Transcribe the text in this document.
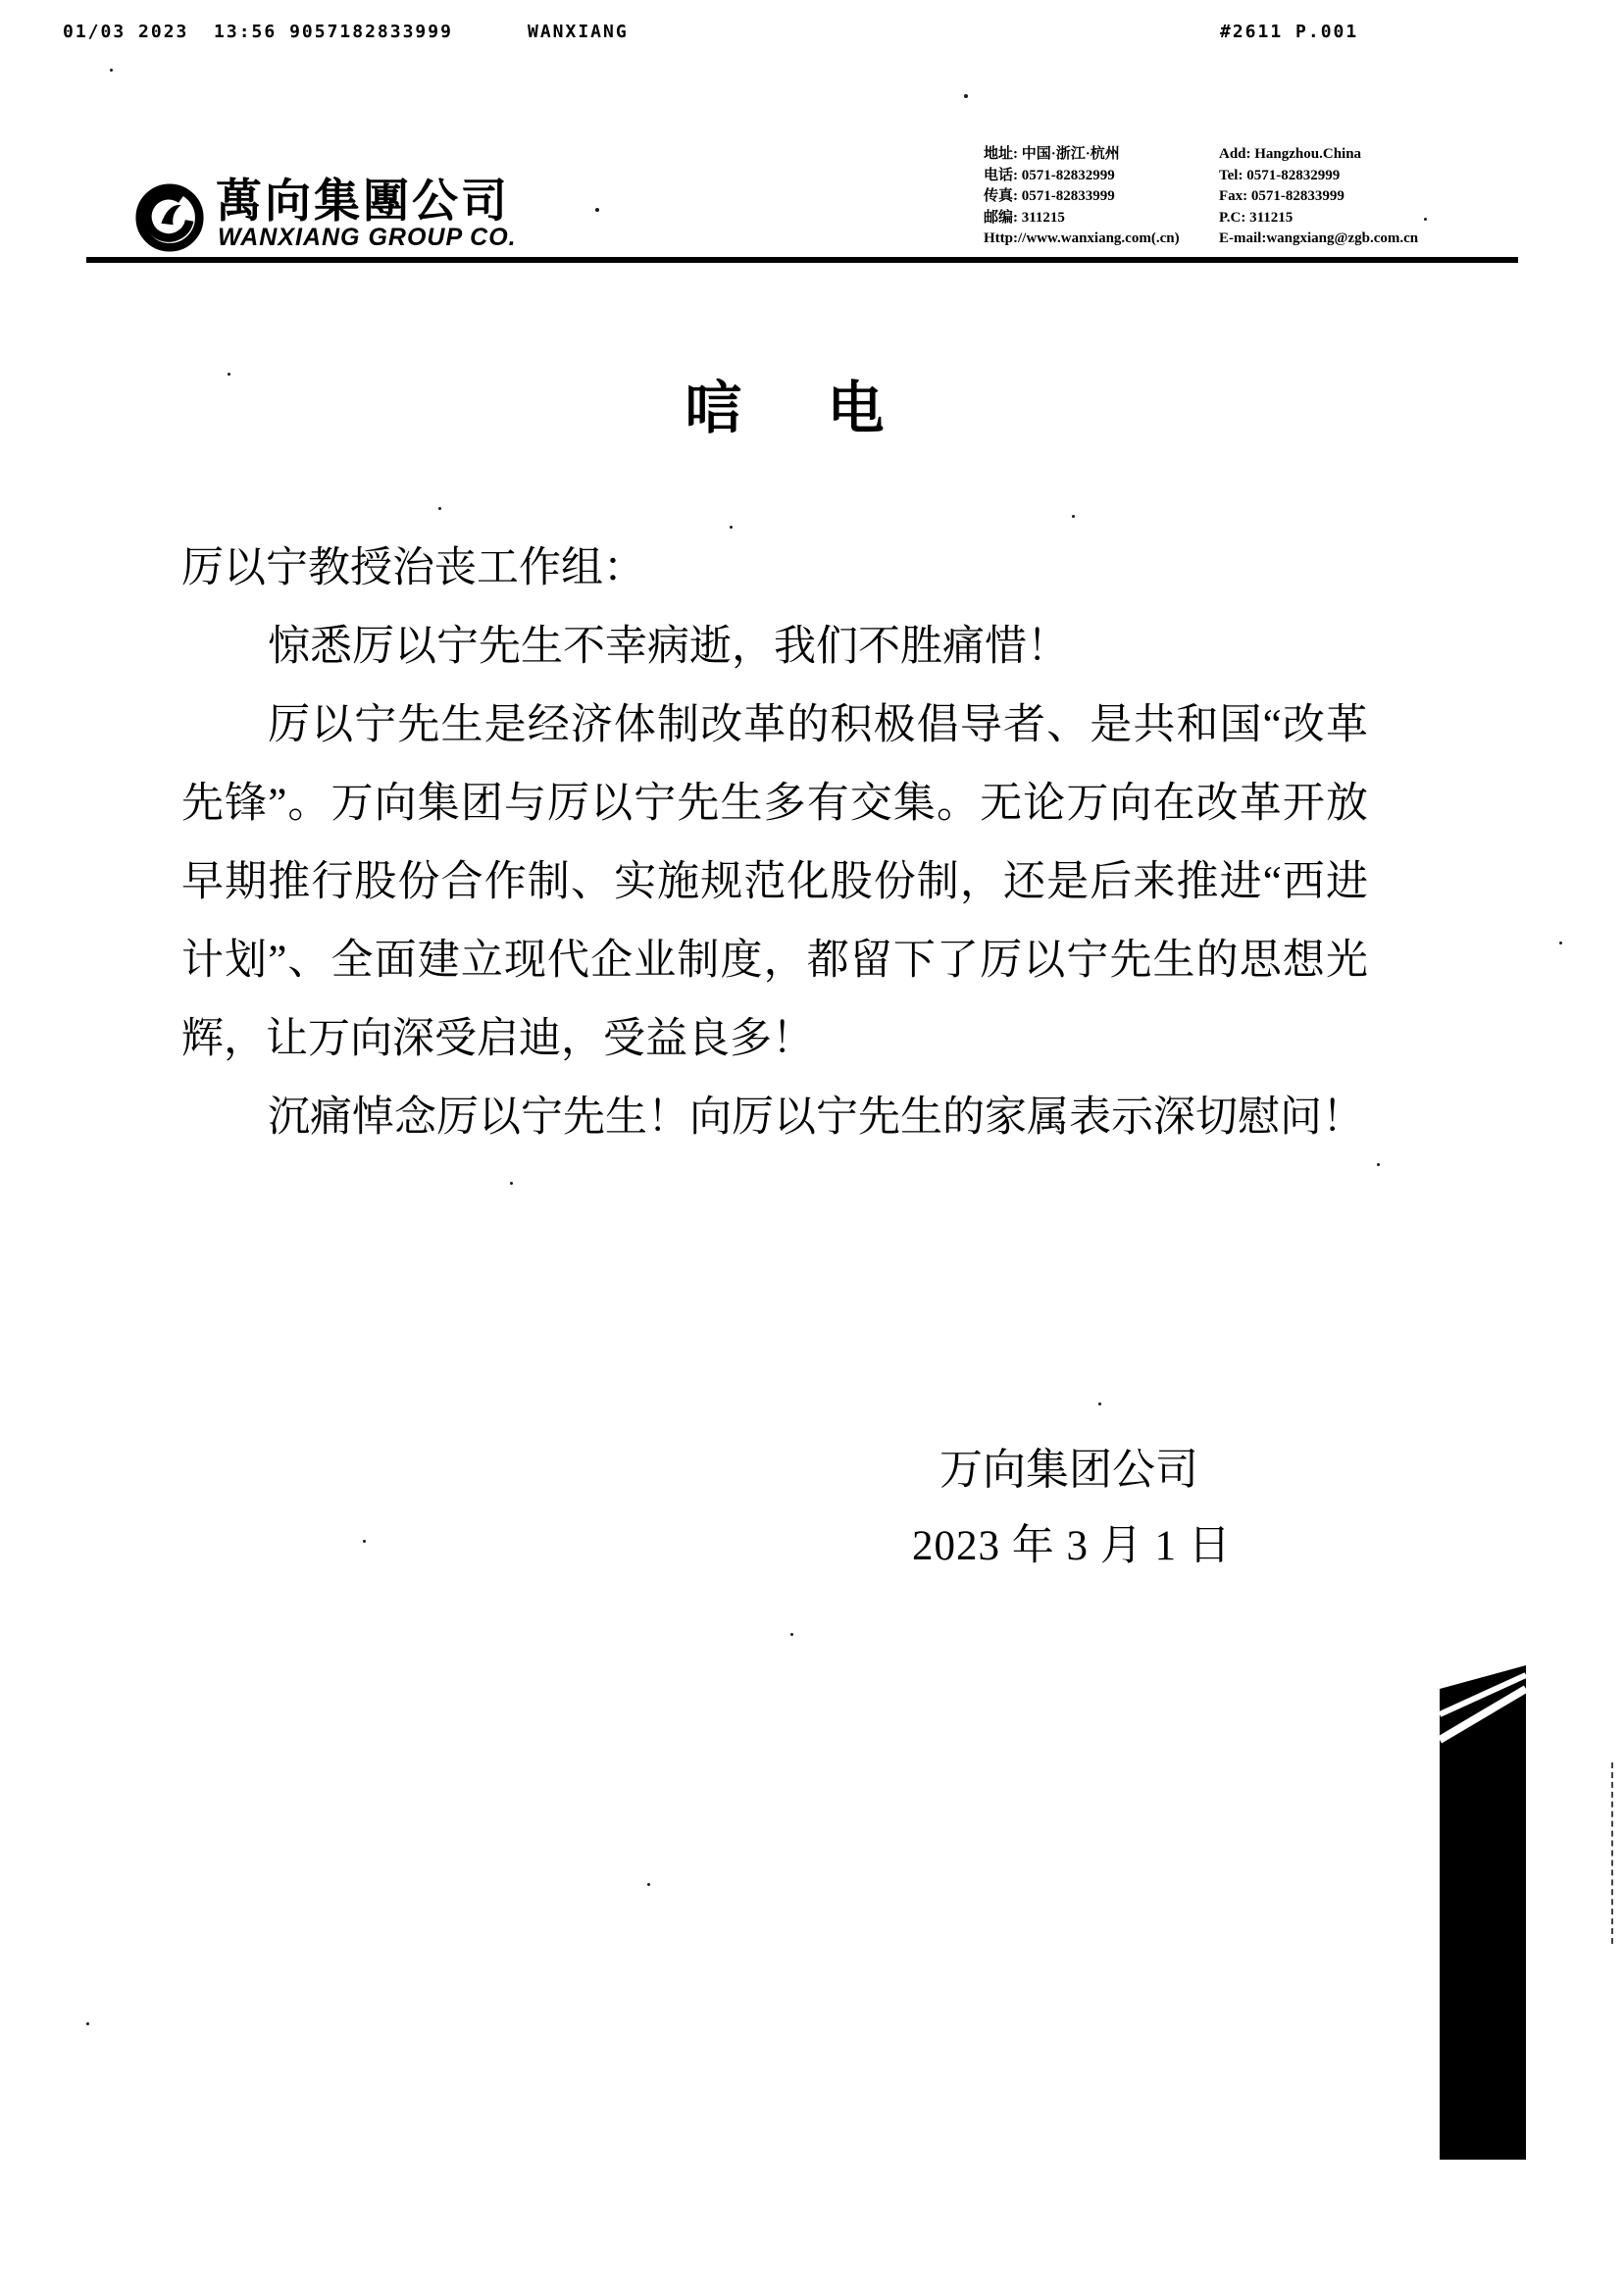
01/03 2023  13:56 9057182833999	WANXIANG	#2611 P.001
萬向集團公司
WANXIANG GROUP CO.
地址: 中国·浙江·杭州
电话: 0571-82832999
传真: 0571-82833999
邮编: 311215
Http://www.wanxiang.com(.cn)
Add: Hangzhou.China
Tel: 0571-82832999
Fax: 0571-82833999
P.C: 311215
E-mail:wangxiang@zgb.com.cn
唁      电
厉以宁教授治丧工作组：
惊悉厉以宁先生不幸病逝，我们不胜痛惜！
厉以宁先生是经济体制改革的积极倡导者、是共和国“改革
先锋”。万向集团与厉以宁先生多有交集。无论万向在改革开放
早期推行股份合作制、实施规范化股份制，还是后来推进“西进
计划”、全面建立现代企业制度，都留下了厉以宁先生的思想光
辉，让万向深受启迪，受益良多！
沉痛悼念厉以宁先生！向厉以宁先生的家属表示深切慰问！
万向集团公司
2023 年 3 月 1 日
